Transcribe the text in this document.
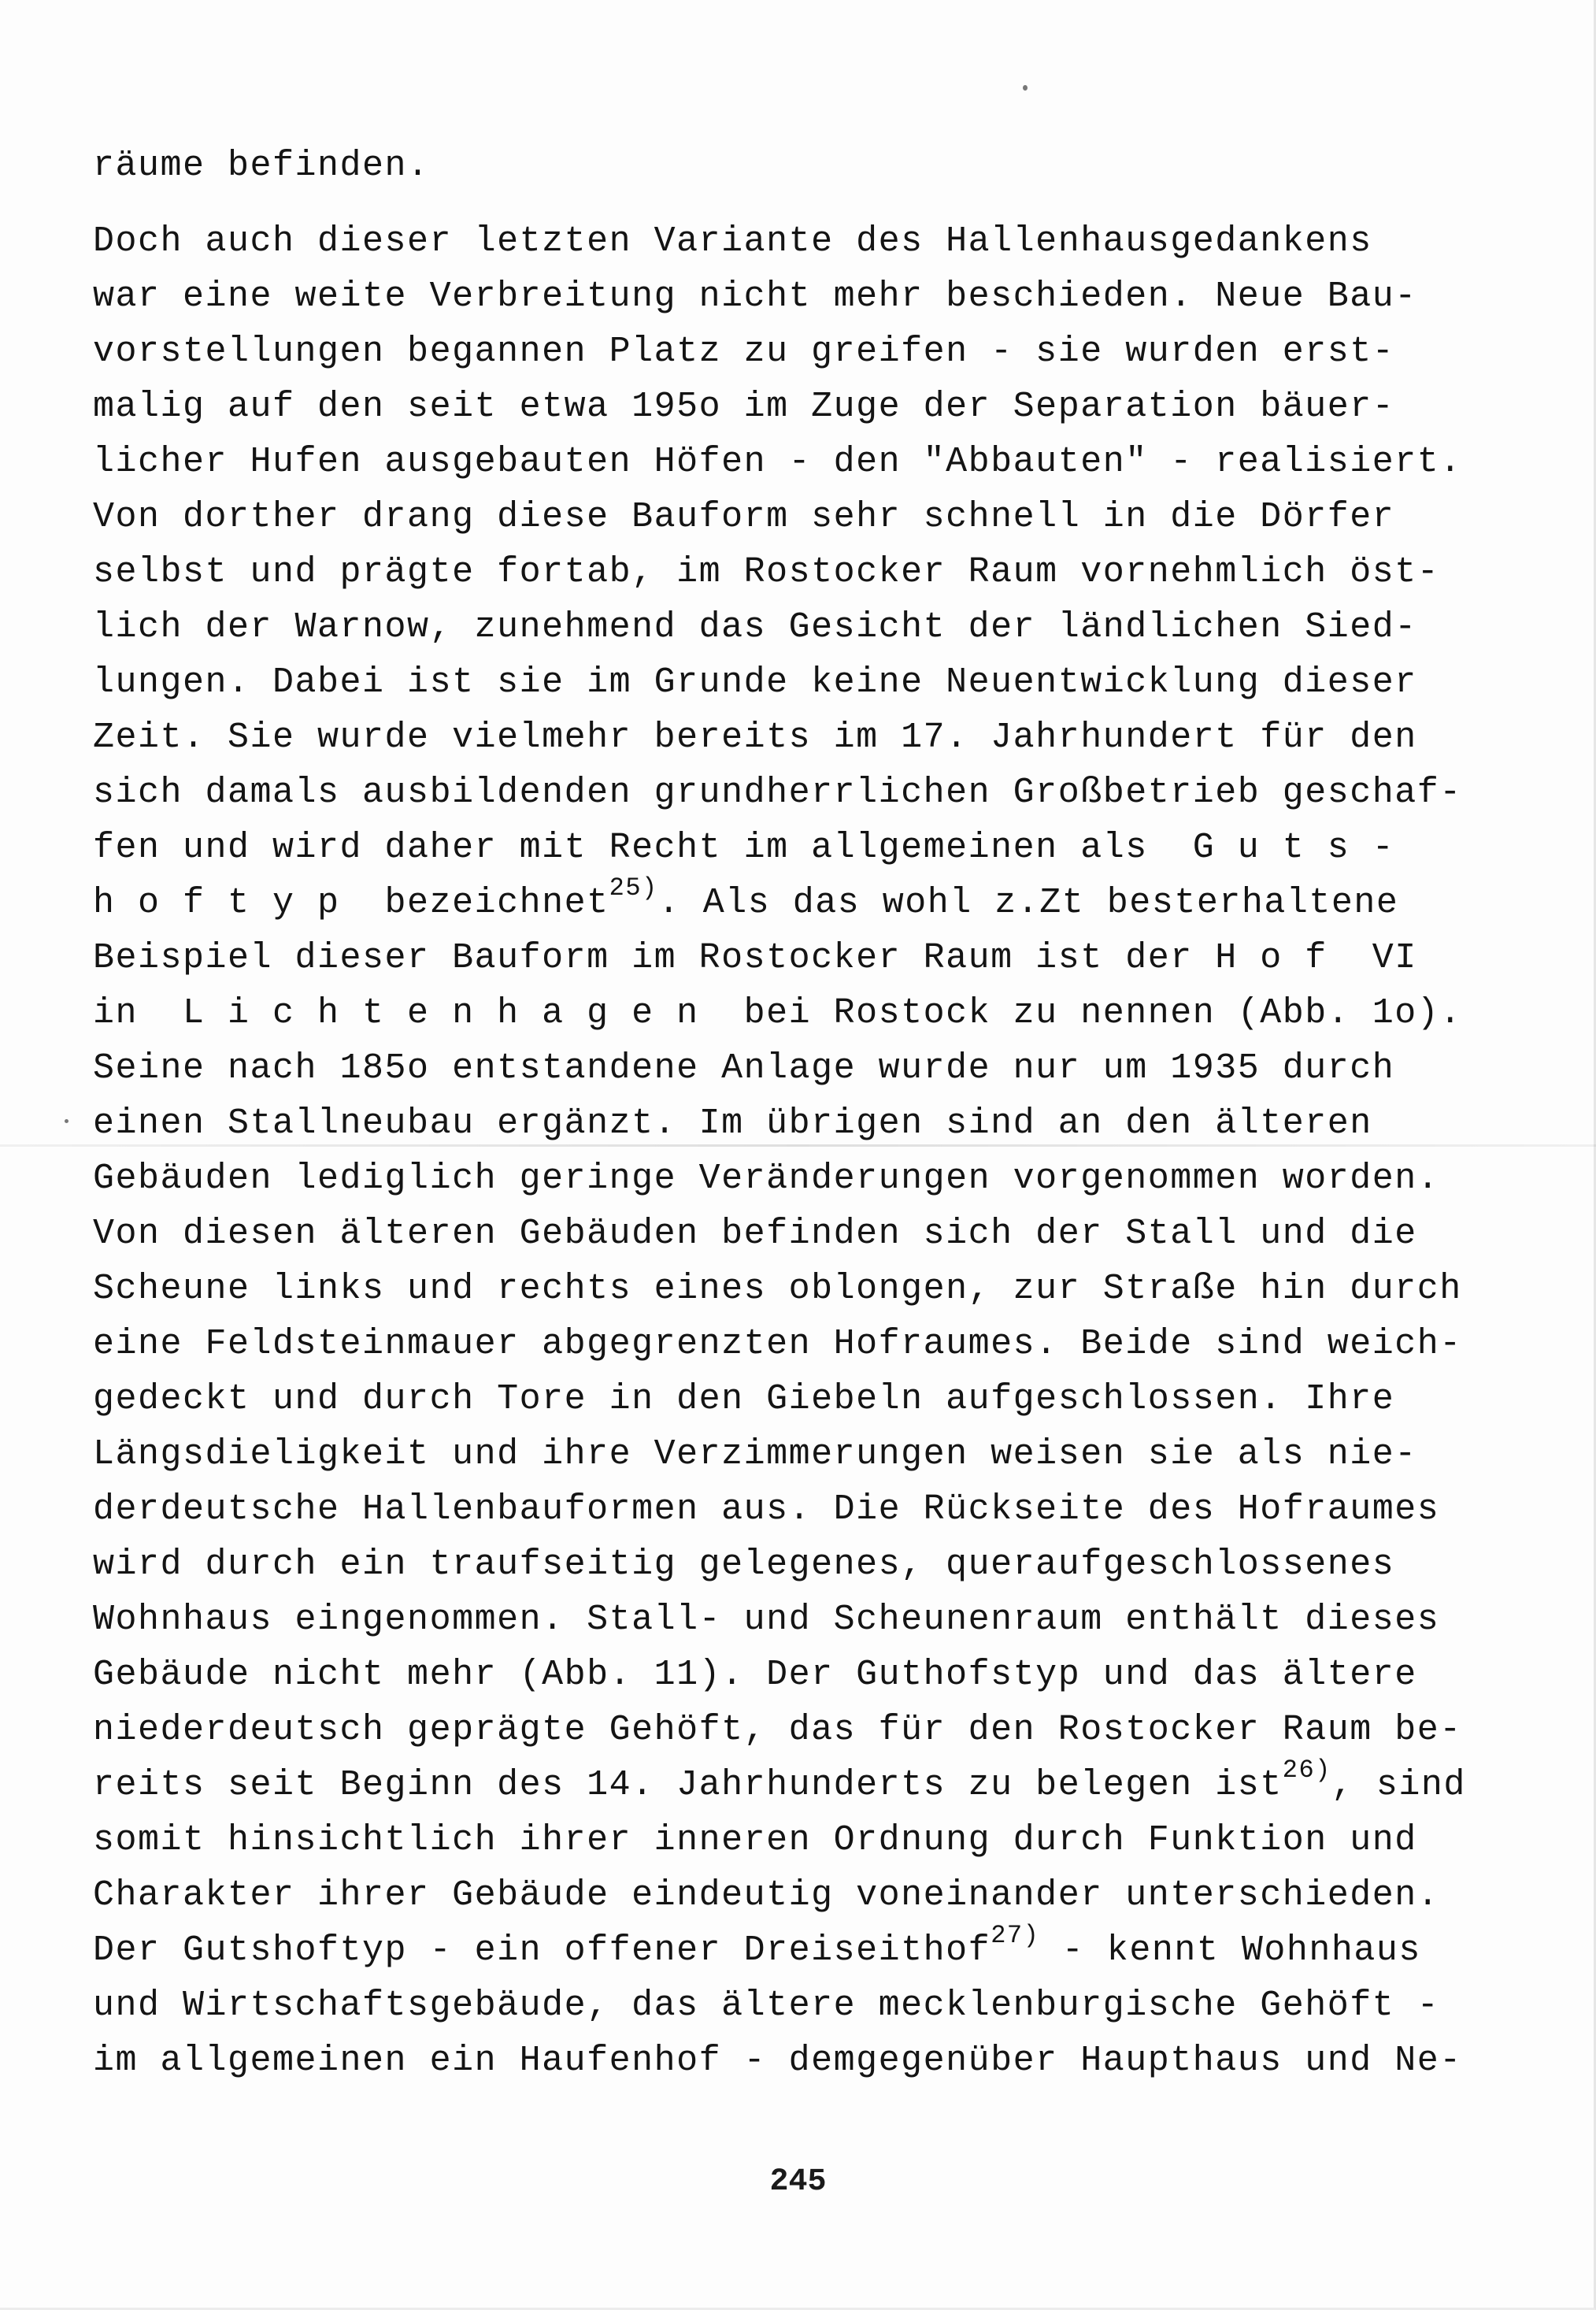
räume befinden.
Doch auch dieser letzten Variante des Hallenhausgedankens
war eine weite Verbreitung nicht mehr beschieden. Neue Bau-
vorstellungen begannen Platz zu greifen - sie wurden erst-
malig auf den seit etwa 195o im Zuge der Separation bäuer-
licher Hufen ausgebauten Höfen - den "Abbauten" - realisiert.
Von dorther drang diese Bauform sehr schnell in die Dörfer
selbst und prägte fortab, im Rostocker Raum vornehmlich öst-
lich der Warnow, zunehmend das Gesicht der ländlichen Sied-
lungen. Dabei ist sie im Grunde keine Neuentwicklung dieser
Zeit. Sie wurde vielmehr bereits im 17. Jahrhundert für den
sich damals ausbildenden grundherrlichen Großbetrieb geschaf-
fen und wird daher mit Recht im allgemeinen als  G u t s -
h o f t y p  bezeichnet$^{25)}$. Als das wohl z.Zt besterhaltene
Beispiel dieser Bauform im Rostocker Raum ist der H o f  VI
in  L i c h t e n h a g e n  bei Rostock zu nennen (Abb. 1o).
Seine nach 185o entstandene Anlage wurde nur um 1935 durch
einen Stallneubau ergänzt. Im übrigen sind an den älteren
Gebäuden lediglich geringe Veränderungen vorgenommen worden.
Von diesen älteren Gebäuden befinden sich der Stall und die
Scheune links und rechts eines oblongen, zur Straße hin durch
eine Feldsteinmauer abgegrenzten Hofraumes. Beide sind weich-
gedeckt und durch Tore in den Giebeln aufgeschlossen. Ihre
Längsdieligkeit und ihre Verzimmerungen weisen sie als nie-
derdeutsche Hallenbauformen aus. Die Rückseite des Hofraumes
wird durch ein traufseitig gelegenes, queraufgeschlossenes
Wohnhaus eingenommen. Stall- und Scheunenraum enthält dieses
Gebäude nicht mehr (Abb. 11). Der Guthofstyp und das ältere
niederdeutsch geprägte Gehöft, das für den Rostocker Raum be-
reits seit Beginn des 14. Jahrhunderts zu belegen ist$^{26)}$, sind
somit hinsichtlich ihrer inneren Ordnung durch Funktion und
Charakter ihrer Gebäude eindeutig voneinander unterschieden.
Der Gutshoftyp - ein offener Dreiseithof$^{27)}$ - kennt Wohnhaus
und Wirtschaftsgebäude, das ältere mecklenburgische Gehöft -
im allgemeinen ein Haufenhof - demgegenüber Haupthaus und Ne-
245
